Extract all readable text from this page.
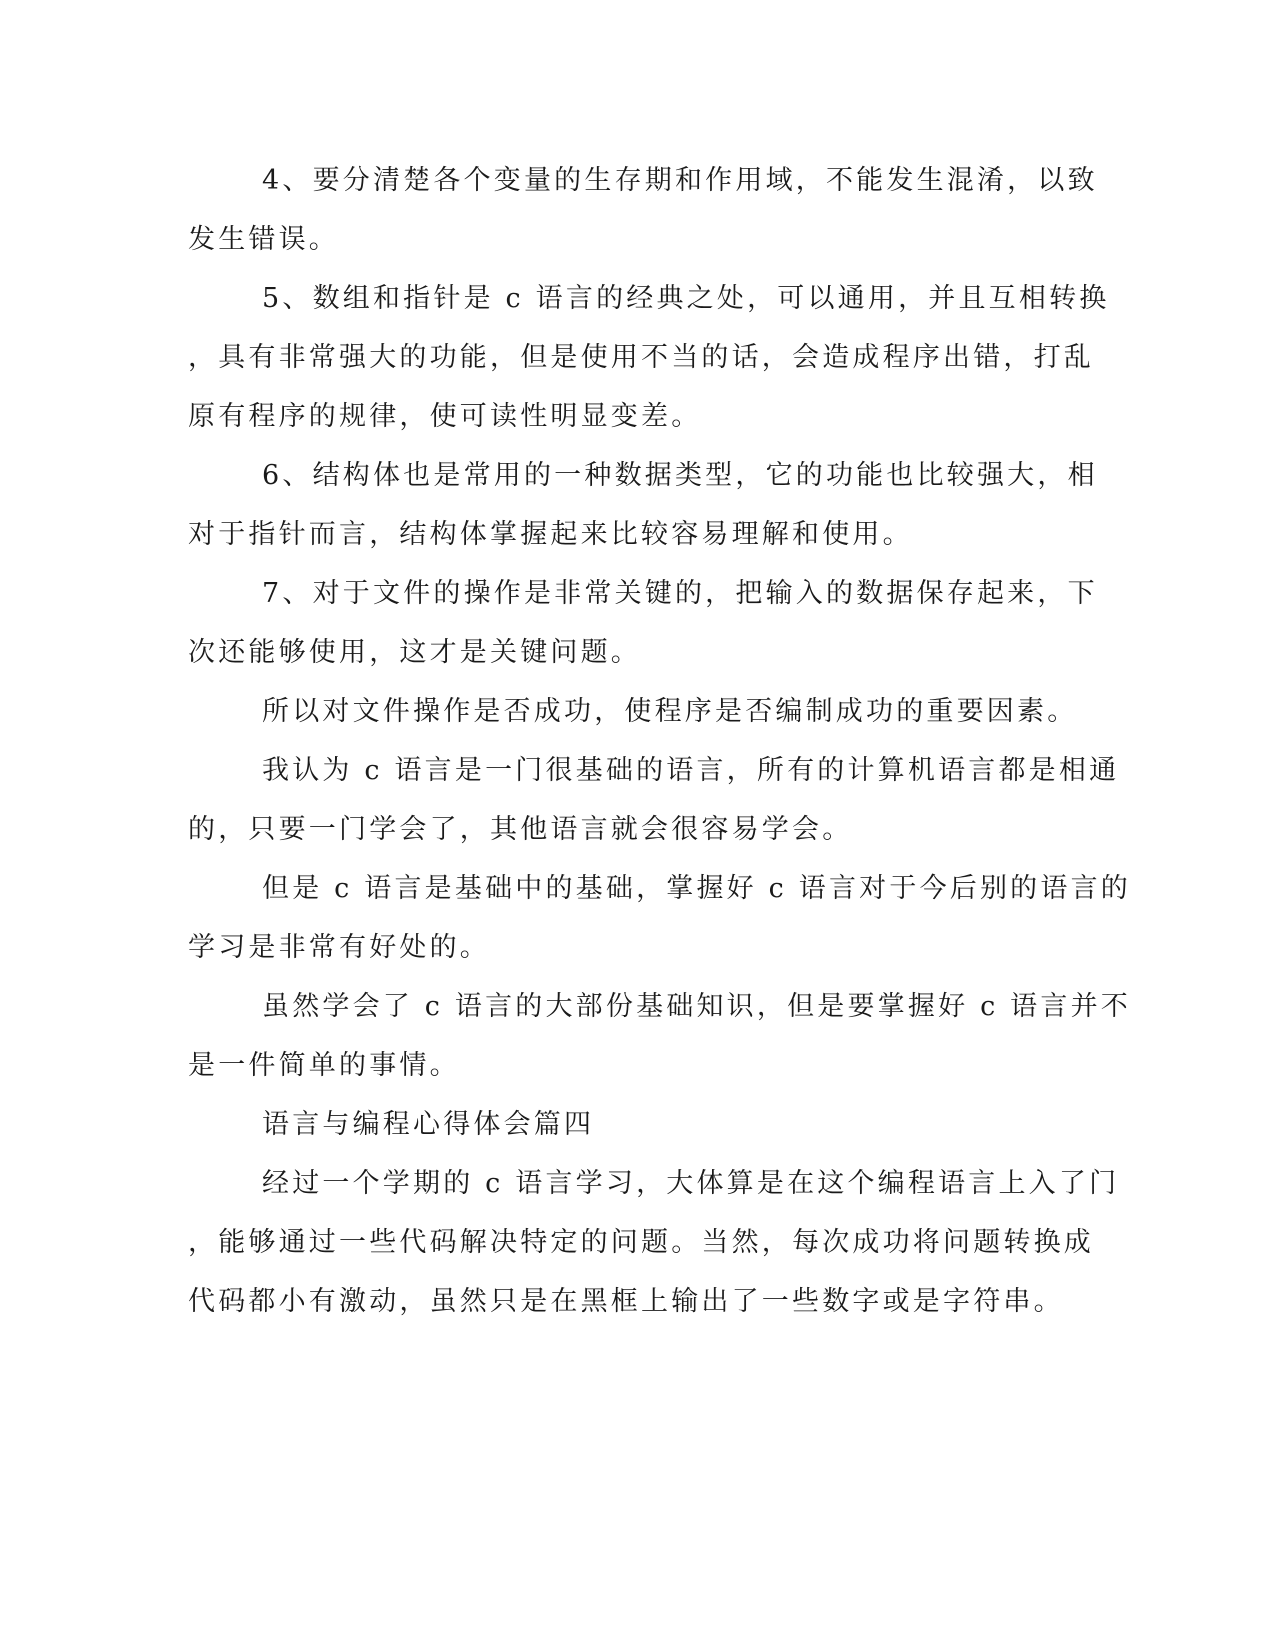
4、要分清楚各个变量的生存期和作用域，不能发生混淆，以致
发生错误。
5、数组和指针是 c 语言的经典之处，可以通用，并且互相转换
，具有非常强大的功能，但是使用不当的话，会造成程序出错，打乱
原有程序的规律，使可读性明显变差。
6、结构体也是常用的一种数据类型，它的功能也比较强大，相
对于指针而言，结构体掌握起来比较容易理解和使用。
7、对于文件的操作是非常关键的，把输入的数据保存起来，下
次还能够使用，这才是关键问题。
所以对文件操作是否成功，使程序是否编制成功的重要因素。
我认为 c 语言是一门很基础的语言，所有的计算机语言都是相通
的，只要一门学会了，其他语言就会很容易学会。
但是 c 语言是基础中的基础，掌握好 c 语言对于今后别的语言的
学习是非常有好处的。
虽然学会了 c 语言的大部份基础知识，但是要掌握好 c 语言并不
是一件简单的事情。
语言与编程心得体会篇四
经过一个学期的 c 语言学习，大体算是在这个编程语言上入了门
，能够通过一些代码解决特定的问题。当然，每次成功将问题转换成
代码都小有激动，虽然只是在黑框上输出了一些数字或是字符串。
